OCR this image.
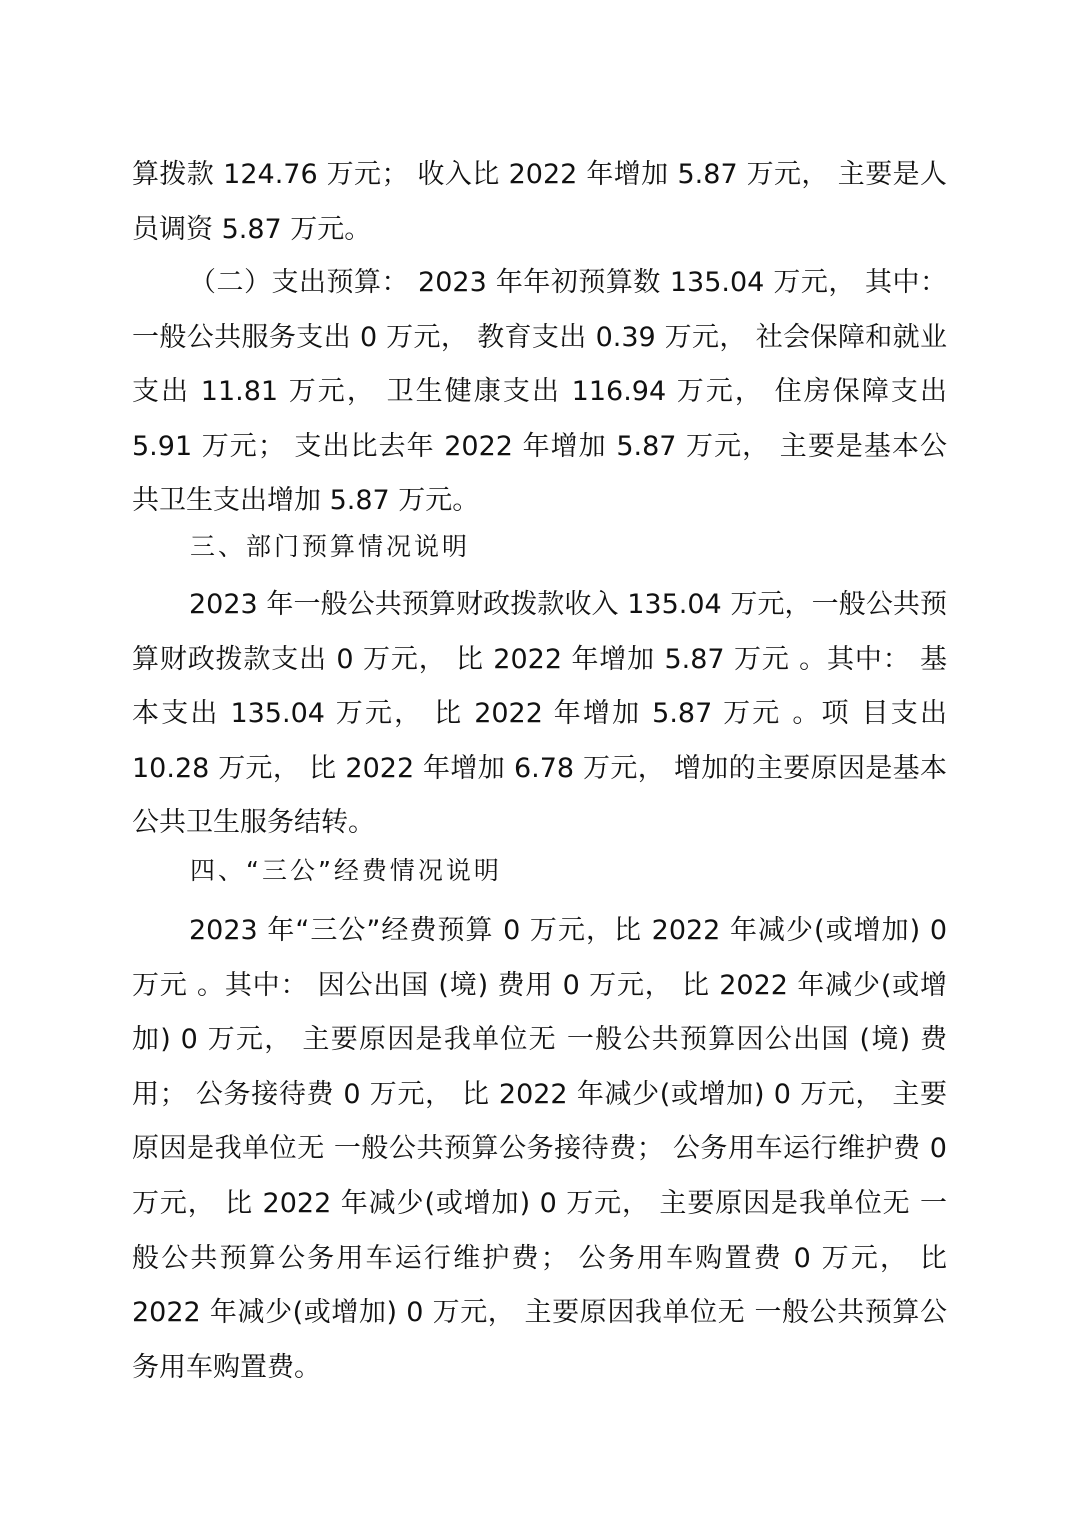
算拨款 124.76 万元； 收入比 2022 年增加 5.87 万元， 主要是人员调资 5.87 万元。

（二）支出预算： 2023 年年初预算数 135.04 万元， 其中： 一般公共服务支出 0 万元， 教育支出 0.39 万元， 社会保障和就业支出 11.81 万元， 卫生健康支出 116.94 万元， 住房保障支出 5.91 万元； 支出比去年 2022 年增加 5.87 万元， 主要是基本公共卫生支出增加 5.87 万元。

三、部门预算情况说明

2023 年一般公共预算财政拨款收入 135.04 万元，一般公共预算财政拨款支出 0 万元， 比 2022 年增加 5.87 万元 。其中： 基本支出 135.04 万元， 比 2022 年增加 5.87 万元 。项 目支出 10.28 万元， 比 2022 年增加 6.78 万元， 增加的主要原因是基本公共卫生服务结转。

四、“三公”经费情况说明

2023 年“三公”经费预算 0 万元，比 2022 年减少(或增加) 0 万元 。其中： 因公出国 (境) 费用 0 万元， 比 2022 年减少(或增加) 0 万元， 主要原因是我单位无 一般公共预算因公出国 (境) 费用； 公务接待费 0 万元， 比 2022 年减少(或增加) 0 万元， 主要原因是我单位无 一般公共预算公务接待费； 公务用车运行维护费 0 万元， 比 2022 年减少(或增加) 0 万元， 主要原因是我单位无 一般公共预算公务用车运行维护费； 公务用车购置费 0 万元， 比 2022 年减少(或增加) 0 万元， 主要原因我单位无 一般公共预算公务用车购置费。
